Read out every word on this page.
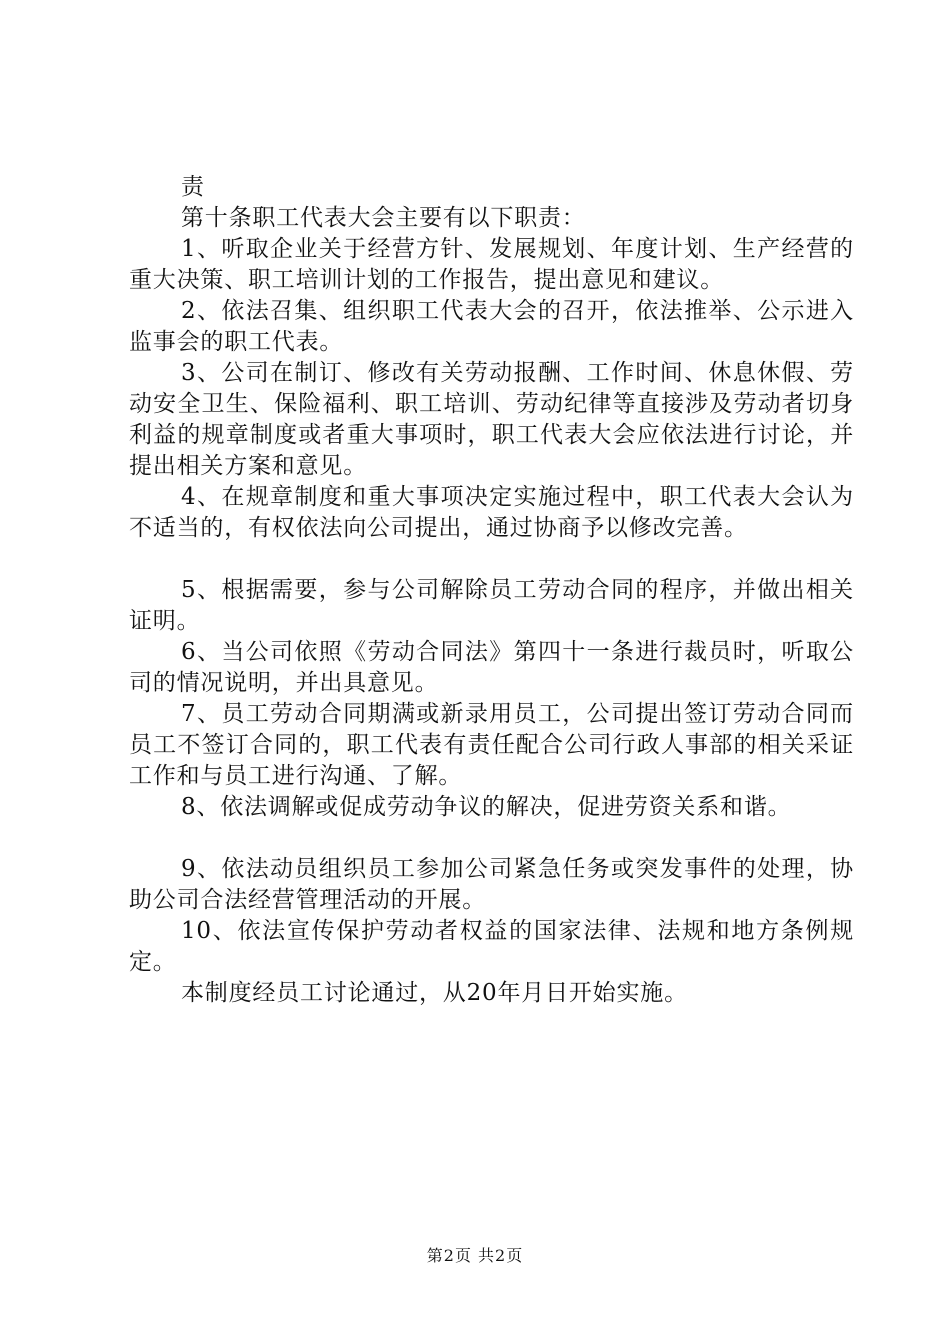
责

第十条职工代表大会主要有以下职责：

1、听取企业关于经营方针、发展规划、年度计划、生产经营的重大决策、职工培训计划的工作报告，提出意见和建议。

2、依法召集、组织职工代表大会的召开，依法推举、公示进入监事会的职工代表。

3、公司在制订、修改有关劳动报酬、工作时间、休息休假、劳动安全卫生、保险福利、职工培训、劳动纪律等直接涉及劳动者切身利益的规章制度或者重大事项时，职工代表大会应依法进行讨论，并提出相关方案和意见。

4、在规章制度和重大事项决定实施过程中，职工代表大会认为不适当的，有权依法向公司提出，通过协商予以修改完善。

5、根据需要，参与公司解除员工劳动合同的程序，并做出相关证明。

6、当公司依照《劳动合同法》第四十一条进行裁员时，听取公司的情况说明，并出具意见。

7、员工劳动合同期满或新录用员工，公司提出签订劳动合同而员工不签订合同的，职工代表有责任配合公司行政人事部的相关采证工作和与员工进行沟通、了解。

8、依法调解或促成劳动争议的解决，促进劳资关系和谐。

9、依法动员组织员工参加公司紧急任务或突发事件的处理，协助公司合法经营管理活动的开展。

10、依法宣传保护劳动者权益的国家法律、法规和地方条例规定。

本制度经员工讨论通过，从20年月日开始实施。

第2页 共2页
